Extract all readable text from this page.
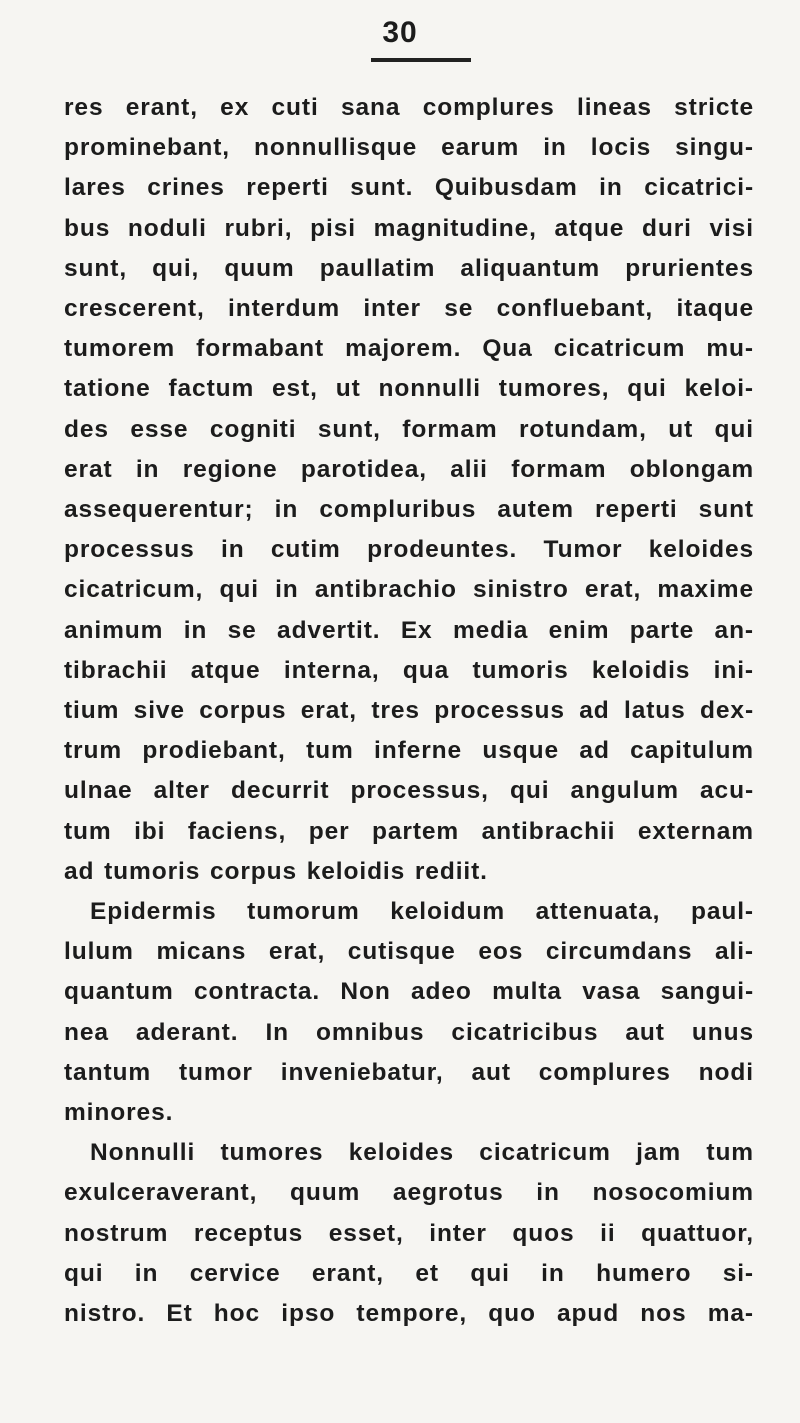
30
res erant, ex cuti sana complures lineas stricte
prominebant, nonnullisque earum in locis singu-
lares crines reperti sunt. Quibusdam in cicatrici-
bus noduli rubri, pisi magnitudine, atque duri visi
sunt, qui, quum paullatim aliquantum prurientes
crescerent, interdum inter se confluebant, itaque
tumorem formabant majorem. Qua cicatricum mu-
tatione factum est, ut nonnulli tumores, qui keloi-
des esse cogniti sunt, formam rotundam, ut qui
erat in regione parotidea, alii formam oblongam
assequerentur; in compluribus autem reperti sunt
processus in cutim prodeuntes. Tumor keloides
cicatricum, qui in antibrachio sinistro erat, maxime
animum in se advertit. Ex media enim parte an-
tibrachii atque interna, qua tumoris keloidis ini-
tium sive corpus erat, tres processus ad latus dex-
trum prodiebant, tum inferne usque ad capitulum
ulnae alter decurrit processus, qui angulum acu-
tum ibi faciens, per partem antibrachii externam
ad tumoris corpus keloidis rediit.
Epidermis tumorum keloidum attenuata, paul-
lulum micans erat, cutisque eos circumdans ali-
quantum contracta. Non adeo multa vasa sangui-
nea aderant. In omnibus cicatricibus aut unus
tantum tumor inveniebatur, aut complures nodi
minores.
Nonnulli tumores keloides cicatricum jam tum
exulceraverant, quum aegrotus in nosocomium
nostrum receptus esset, inter quos ii quattuor,
qui in cervice erant, et qui in humero si-
nistro. Et hoc ipso tempore, quo apud nos ma-
